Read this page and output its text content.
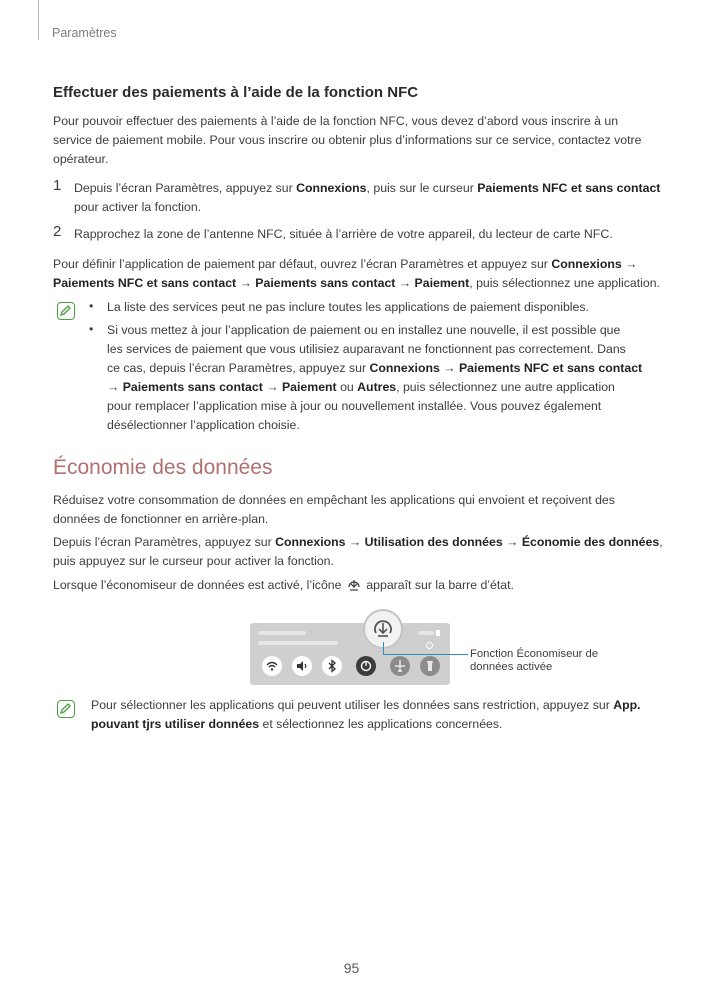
Paramètres
Effectuer des paiements à l’aide de la fonction NFC
Pour pouvoir effectuer des paiements à l’aide de la fonction NFC, vous devez d’abord vous inscrire à un
service de paiement mobile. Pour vous inscrire ou obtenir plus d’informations sur ce service, contactez votre
opérateur.
1 Depuis l’écran Paramètres, appuyez sur Connexions, puis sur le curseur Paiements NFC et sans contact
pour activer la fonction.
2 Rapprochez la zone de l’antenne NFC, située à l’arrière de votre appareil, du lecteur de carte NFC.
Pour définir l’application de paiement par défaut, ouvrez l’écran Paramètres et appuyez sur Connexions →
Paiements NFC et sans contact → Paiements sans contact → Paiement, puis sélectionnez une application.
• La liste des services peut ne pas inclure toutes les applications de paiement disponibles.
• Si vous mettez à jour l’application de paiement ou en installez une nouvelle, il est possible que
les services de paiement que vous utilisiez auparavant ne fonctionnent pas correctement. Dans
ce cas, depuis l’écran Paramètres, appuyez sur Connexions → Paiements NFC et sans contact
→ Paiements sans contact → Paiement ou Autres, puis sélectionnez une autre application
pour remplacer l’application mise à jour ou nouvellement installée. Vous pouvez également
désélectionner l’application choisie.
Économie des données
Réduisez votre consommation de données en empêchant les applications qui envoient et reçoivent des
données de fonctionner en arrière-plan.
Depuis l’écran Paramètres, appuyez sur Connexions → Utilisation des données → Économie des données,
puis appuyez sur le curseur pour activer la fonction.
Lorsque l’économiseur de données est activé, l’icône  apparaît sur la barre d’état.
Fonction Économiseur de
données activée
Pour sélectionner les applications qui peuvent utiliser les données sans restriction, appuyez sur App.
pouvant tjrs utiliser données et sélectionnez les applications concernées.
95
